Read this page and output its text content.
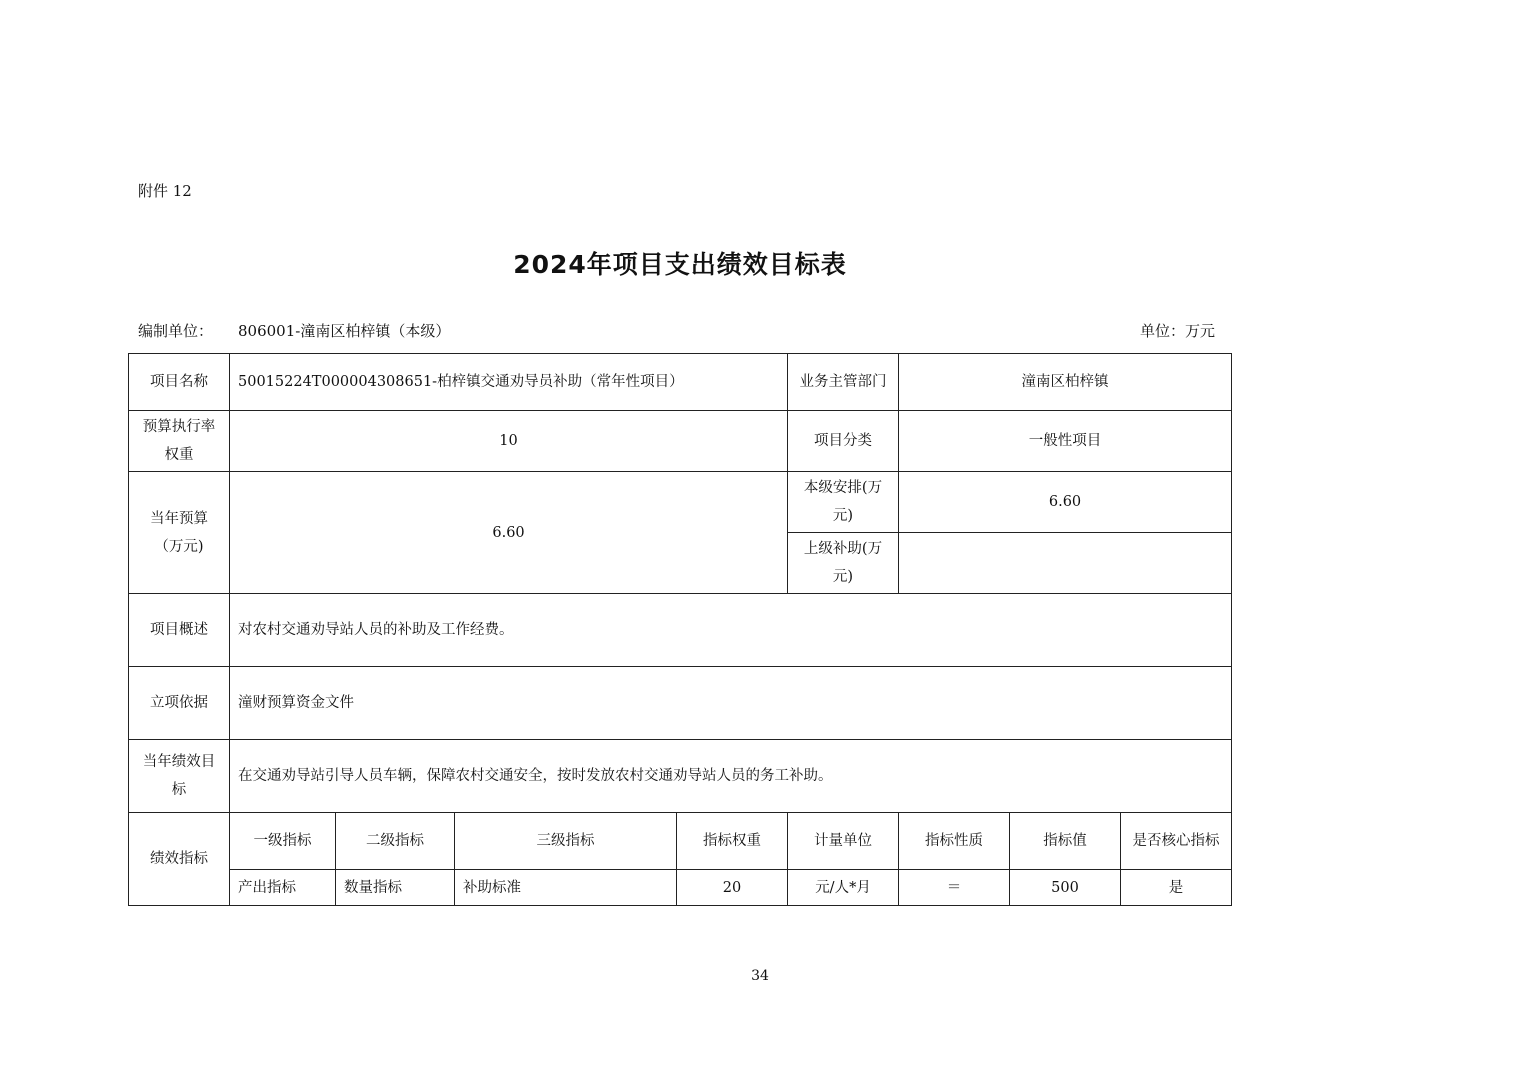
附件 12
2024年项目支出绩效目标表
编制单位： 806001-潼南区柏梓镇（本级）	单位：万元
项目名称	50015224T000004308651-柏梓镇交通劝导员补助（常年性项目）				业务主管部门	潼南区柏梓镇		
预算执行率权重	10				项目分类	一般性项目		
当年预算（万元)	6.60				本级安排(万元)	6.60		
					上级补助(万元)			
项目概述	对农村交通劝导站人员的补助及工作经费。							
立项依据	潼财预算资金文件							
当年绩效目标	在交通劝导站引导人员车辆，保障农村交通安全，按时发放农村交通劝导站人员的务工补助。							
绩效指标	一级指标	二级指标	三级指标	指标权重	计量单位	指标性质	指标值	是否核心指标
	产出指标	数量指标	补助标准	20	元/人*月	＝	500	是
34
